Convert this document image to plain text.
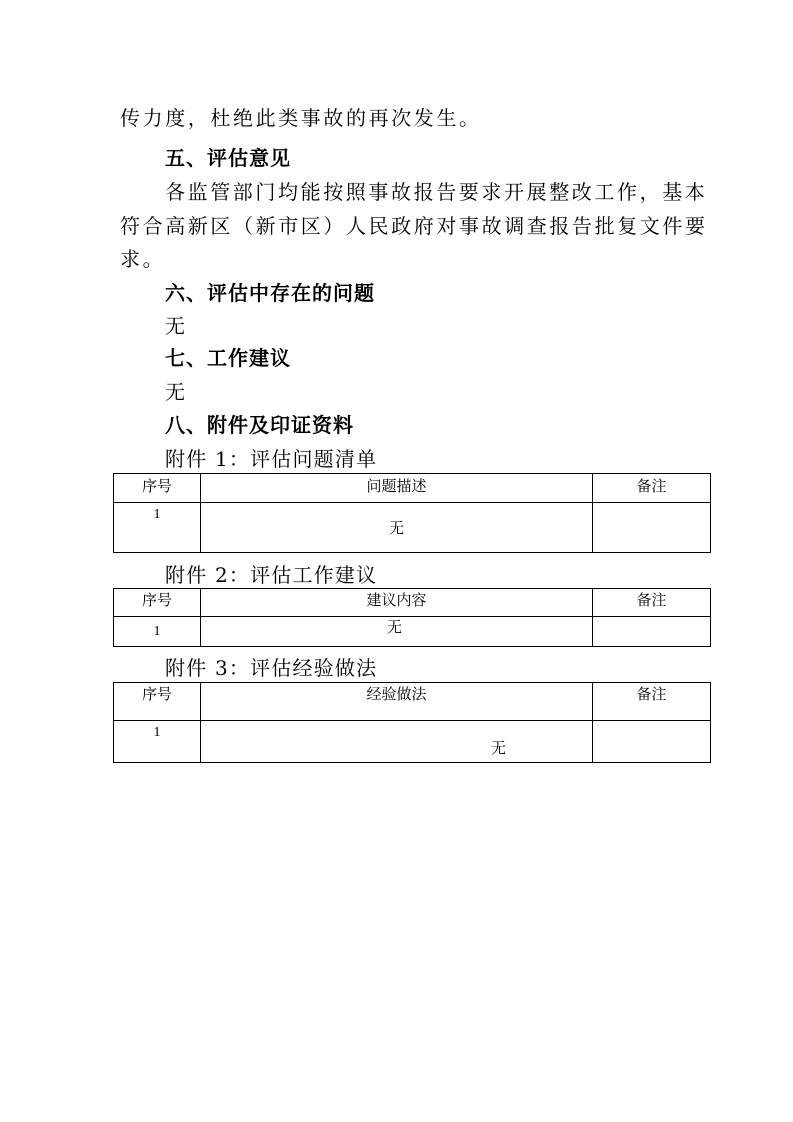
传力度，杜绝此类事故的再次发生。
五、评估意见
各监管部门均能按照事故报告要求开展整改工作，基本
符合高新区（新市区）人民政府对事故调查报告批复文件要
求。
六、评估中存在的问题
无
七、工作建议
无
八、附件及印证资料
附件 1：评估问题清单
序号	问题描述	备注
1	无	
附件 2：评估工作建议
序号	建议内容	备注
1	无	
附件 3：评估经验做法
序号	经验做法	备注
1	无	
